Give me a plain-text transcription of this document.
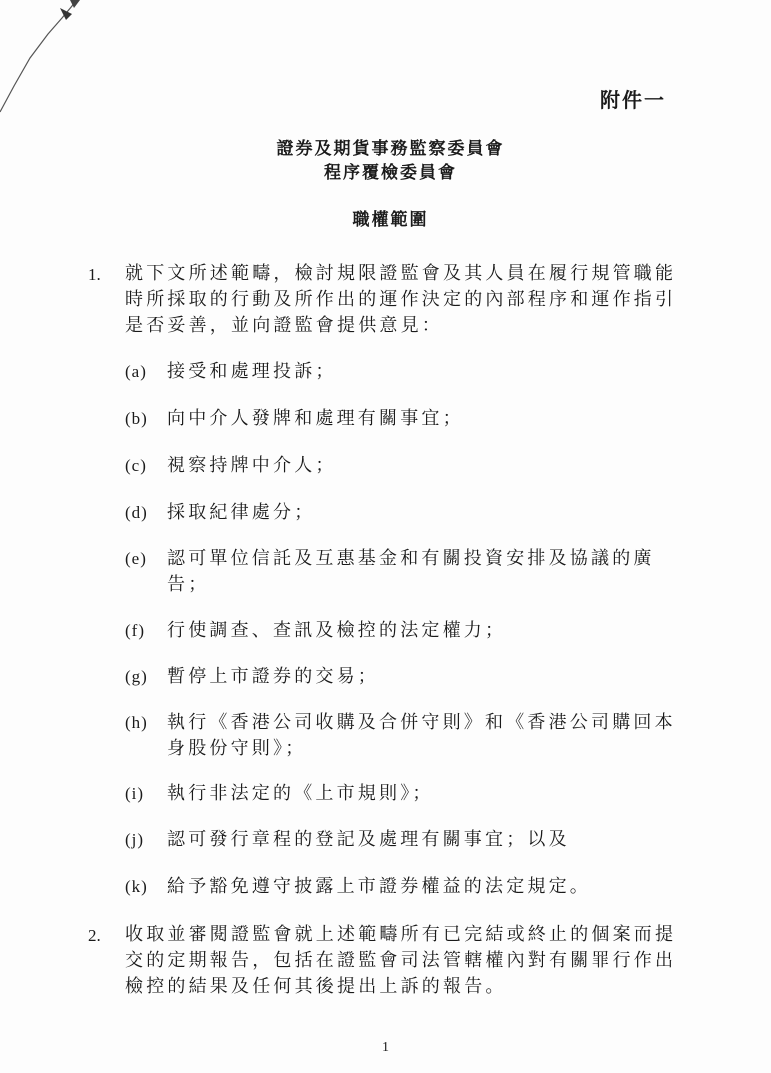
附件一
證券及期貨事務監察委員會
程序覆檢委員會
職權範圍
1. 就下文所述範疇，檢討規限證監會及其人員在履行規管職能時所採取的行動及所作出的運作決定的內部程序和運作指引是否妥善，並向證監會提供意見：
(a) 接受和處理投訴；
(b) 向中介人發牌和處理有關事宜；
(c) 視察持牌中介人；
(d) 採取紀律處分；
(e) 認可單位信託及互惠基金和有關投資安排及協議的廣告；
(f) 行使調查、查訊及檢控的法定權力；
(g) 暫停上市證券的交易；
(h) 執行《香港公司收購及合併守則》和《香港公司購回本身股份守則》；
(i) 執行非法定的《上市規則》；
(j) 認可發行章程的登記及處理有關事宜；以及
(k) 給予豁免遵守披露上市證券權益的法定規定。
2. 收取並審閱證監會就上述範疇所有已完結或終止的個案而提交的定期報告，包括在證監會司法管轄權內對有關罪行作出檢控的結果及任何其後提出上訴的報告。
1
